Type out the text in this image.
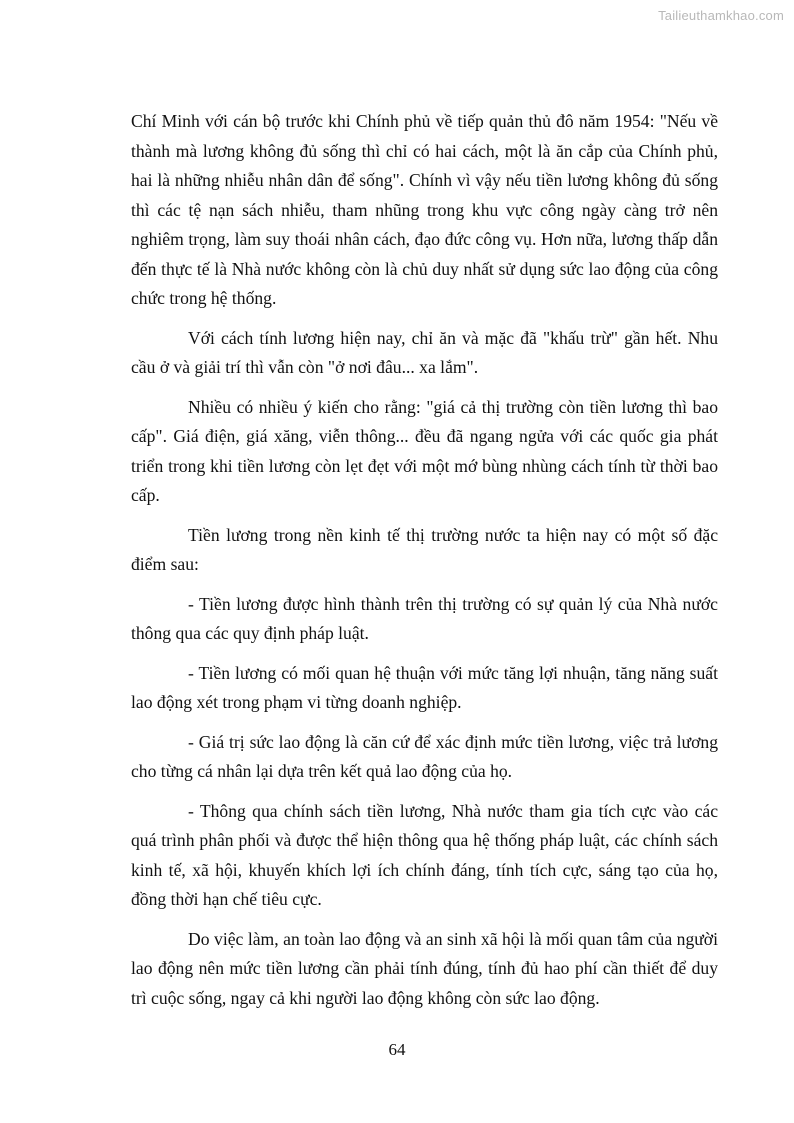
Tailieuthamkhao.com

Chí Minh với cán bộ trước khi Chính phủ về tiếp quản thủ đô năm 1954: "Nếu về thành mà lương không đủ sống thì chỉ có hai cách, một là ăn cắp của Chính phủ, hai là những nhiễu nhân dân để sống". Chính vì vậy nếu tiền lương không đủ sống thì các tệ nạn sách nhiễu, tham nhũng trong khu vực công ngày càng trở nên nghiêm trọng, làm suy thoái nhân cách, đạo đức công vụ. Hơn nữa, lương thấp dẫn đến thực tế là Nhà nước không còn là chủ duy nhất sử dụng sức lao động của công chức trong hệ thống.

Với cách tính lương hiện nay, chỉ ăn và mặc đã "khấu trừ" gần hết. Nhu cầu ở và giải trí thì vẫn còn "ở nơi đâu... xa lắm".

Nhiều có nhiều ý kiến cho rằng: "giá cả thị trường còn tiền lương thì bao cấp". Giá điện, giá xăng, viễn thông... đều đã ngang ngửa với các quốc gia phát triển trong khi tiền lương còn lẹt đẹt với một mớ bùng nhùng cách tính từ thời bao cấp.

Tiền lương trong nền kinh tế thị trường nước ta hiện nay có một số đặc điểm sau:

- Tiền lương được hình thành trên thị trường có sự quản lý của Nhà nước thông qua các quy định pháp luật.

- Tiền lương có mối quan hệ thuận với mức tăng lợi nhuận, tăng năng suất lao động xét trong phạm vi từng doanh nghiệp.

- Giá trị sức lao động là căn cứ để xác định mức tiền lương, việc trả lương cho từng cá nhân lại dựa trên kết quả lao động của họ.

- Thông qua chính sách tiền lương, Nhà nước tham gia tích cực vào các quá trình phân phối và được thể hiện thông qua hệ thống pháp luật, các chính sách kinh tế, xã hội, khuyến khích lợi ích chính đáng, tính tích cực, sáng tạo của họ, đồng thời hạn chế tiêu cực.

Do việc làm, an toàn lao động và an sinh xã hội là mối quan tâm của người lao động nên mức tiền lương cần phải tính đúng, tính đủ hao phí cần thiết để duy trì cuộc sống, ngay cả khi người lao động không còn sức lao động.

64
